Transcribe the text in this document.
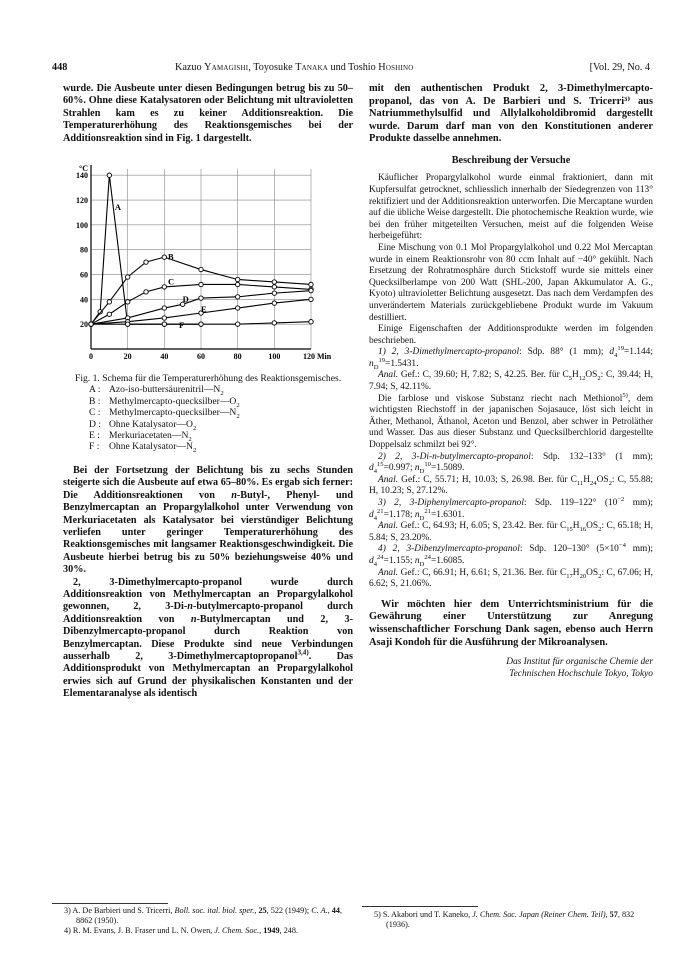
448	Kazuo Yamagishi, Toyosuke Tanaka und Toshio Hoshino	[Vol. 29, No. 4

wurde. Die Ausbeute unter diesen Bedingungen betrug bis zu 50–60%. Ohne diese Katalysatoren oder Belichtung mit ultravioletten Strahlen kam es zu keiner Additionsreaktion. Die Temperaturerhöhung des Reaktionsgemisches bei der Additionsreaktion sind in Fig. 1 dargestellt.

20
40
60
80
100
120
140
0	20	40	60	80	100	120 Min
°C
A
B
C
D
E
F
Fig. 1. Schema für die Temperaturerhöhung des Reaktionsgemisches.
A : Azo-$iso-buttersäurenitril—N_2$
B : Methylmercapto-$quecksilber—O_2$
C : Methylmercapto-$quecksilber—N_2$
D : Ohne $Katalysator—O_2$
E : $Merkuriacetaten—N_2$
F : Ohne $Katalysator—N_2$

Bei der Fortsetzung der Belichtung bis zu sechs Stunden steigerte sich die Ausbeute auf etwa 65–80%. Es ergab sich ferner: Die Additionsreaktionen von n-Butyl-, Phenyl- und Benzylmercaptan an Propargylalkohol unter Verwendung von Merkuriacetaten als Katalysator bei vierstündiger Belichtung verliefen unter geringer Temperaturerhöhung des Reaktionsgemisches mit langsamer Reaktionsgeschwindigkeit. Die Ausbeute hierbei betrug bis zu 50% beziehungsweise 40% und 30%.

2, 3-Dimethylmercapto-propanol wurde durch Additionsreaktion von Methylmercaptan an Propargylalkohol gewonnen, 2, 3-Di-n-butylmercapto-propanol durch Additionsreaktion von n-Butylmercaptan und 2, 3-Dibenzylmercapto-propanol durch Reaktion von Benzylmercaptan. Diese Produkte sind neue Verbindungen ausserhalb 2, 3-Dimethylmercaptopropanol$^{3,4)}$. Das Additionsprodukt von Methylmercaptan an Propargylalkohol erwies sich auf Grund der physikalischen Konstanten und der Elementaranalyse als identisch

mit den authentischen Produkt 2, 3-Dimethylmercapto-propanol, das von A. De Barbieri und S. Tricerri³⁾ aus Natriummethylsulfid und Allylalkoholdibromid dargestellt wurde. Darum darf man von den Konstitutionen anderer Produkte dasselbe annehmen.

Beschreibung der Versuche

Käuflicher Propargylalkohol wurde einmal fraktioniert, dann mit Kupfersulfat getrocknet, schliesslich innerhalb der Siedegrenzen von 113° rektifiziert und der Additionsreaktion unterworfen. Die Mercaptane wurden auf die übliche Weise dargestellt. Die photochemische Reaktion wurde, wie bei den früher mitgeteilten Versuchen, meist auf die folgenden Weise herbeigeführt:

Eine Mischung von 0.1 Mol Propargylalkohol und 0.22 Mol Mercaptan wurde in einem Reaktionsrohr von 80 ccm Inhalt auf −40° gekühlt. Nach Ersetzung der Rohratmosphäre durch Stickstoff wurde sie mittels einer Quecksilberlampe von 200 Watt (SHL-200, Japan Akkumulator A. G., Kyoto) ultravioletter Belichtung ausgesetzt. Das nach dem Verdampfen des unverändertem Materials zurückgebliebene Produkt wurde im Vakuum destilliert.

Einige Eigenschaften der Additionsprodukte werden im folgenden beschrieben.

1) 2, 3-Dimethylmercapto-propanol: Sdp. 88° (1 mm); $d_4^{19}=1.144$; $n_D^{19}=1.5431$.

Anal. Gef.: C, 39.60; H, 7.82; S, 42.25. Ber. für $C_5H_{12}OS_2$: C, 39.44; H, 7.94; S, 42.11%.

Die farblose und viskose Substanz riecht nach Methionol$^{5)}$, dem wichtigsten Riechstoff in der japanischen Sojasauce, löst sich leicht in Äther, Methanol, Äthanol, Aceton und Benzol, aber schwer in Petroläther und Wasser. Das aus dieser Substanz und Quecksilberchlorid dargestellte Doppelsalz schmilzt bei 92°.

2) 2, 3-Di-n-butylmercapto-propanol: Sdp. 132–133° (1 mm); $d_4^{15}=0.997$; $n_D^{10}=1.5089$.

Anal. Gef.: C, 55.71; H, 10.03; S, 26.98. Ber. für $C_{11}H_{24}OS_2$: C, 55.88; H, 10.23; S, 27.12%.

3) 2, 3-Diphenylmercapto-propanol: Sdp. 119–122° ($10^{-2}$ mm); $d_4^{21}=1.178$; $n_D^{21}=1.6301$.

Anal. Gef.: C, 64.93; H, 6.05; S, 23.42. Ber. für $C_{15}H_{16}OS_2$: C, 65.18; H, 5.84; S, 23.20%.

4) 2, 3-Dibenzylmercapto-propanol: Sdp. 120–130° ($5\times 10^{-4}$ mm); $d_4^{24}=1.155$; $n_D^{24}=1.6085$.

Anal. Gef.: C, 66.91; H, 6.61; S, 21.36. Ber. für $C_{17}H_{20}OS_2$: C, 67.06; H, 6.62; S, 21.06%.

Wir möchten hier dem Unterrichtsministrium für die Gewährung einer Unterstützung zur Anregung wissenschaftlicher Forschung Dank sagen, ebenso auch Herrn Asaji Kondoh für die Ausführung der Mikroanalysen.

Das Institut für organische Chemie der
Technischen Hochschule Tokyo, Tokyo
3) A. De Barbieri und S. Tricerri, Boll. soc. ital. biol. sper., 25, 522 (1949); C. A., 44, 8862 (1950).
4) R. M. Evans, J. B. Fraser und L. N. Owen, J. Chem. Soc., 1949, 248.
5) S. Akabori und T. Kaneko, J. Chem. Soc. Japan (Reiner Chem. Teil), 57, 832 (1936).
